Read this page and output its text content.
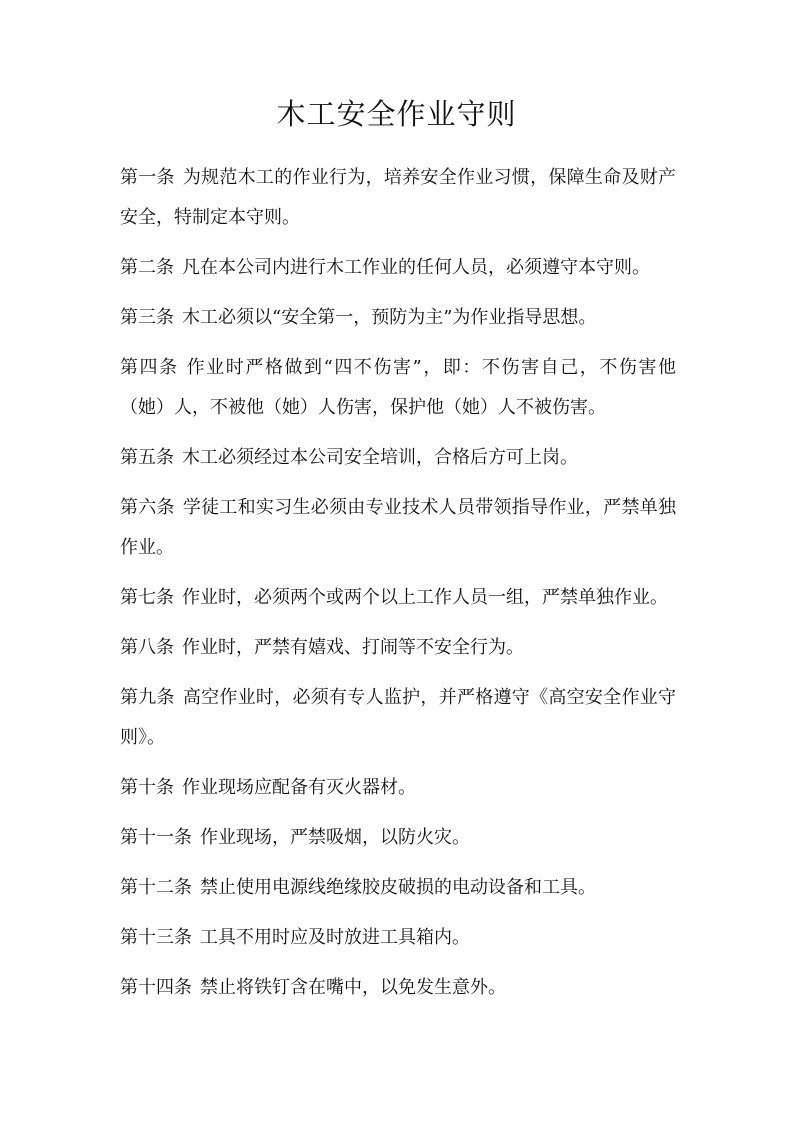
木工安全作业守则
第一条 为规范木工的作业行为，培养安全作业习惯，保障生命及财产安全，特制定本守则。
第二条 凡在本公司内进行木工作业的任何人员，必须遵守本守则。
第三条 木工必须以“安全第一，预防为主”为作业指导思想。
第四条 作业时严格做到“四不伤害”，即：不伤害自己，不伤害他（她）人，不被他（她）人伤害，保护他（她）人不被伤害。
第五条 木工必须经过本公司安全培训，合格后方可上岗。
第六条 学徒工和实习生必须由专业技术人员带领指导作业，严禁单独作业。
第七条 作业时，必须两个或两个以上工作人员一组，严禁单独作业。
第八条 作业时，严禁有嬉戏、打闹等不安全行为。
第九条 高空作业时，必须有专人监护，并严格遵守《高空安全作业守则》。
第十条 作业现场应配备有灭火器材。
第十一条 作业现场，严禁吸烟，以防火灾。
第十二条 禁止使用电源线绝缘胶皮破损的电动设备和工具。
第十三条 工具不用时应及时放进工具箱内。
第十四条 禁止将铁钉含在嘴中，以免发生意外。
